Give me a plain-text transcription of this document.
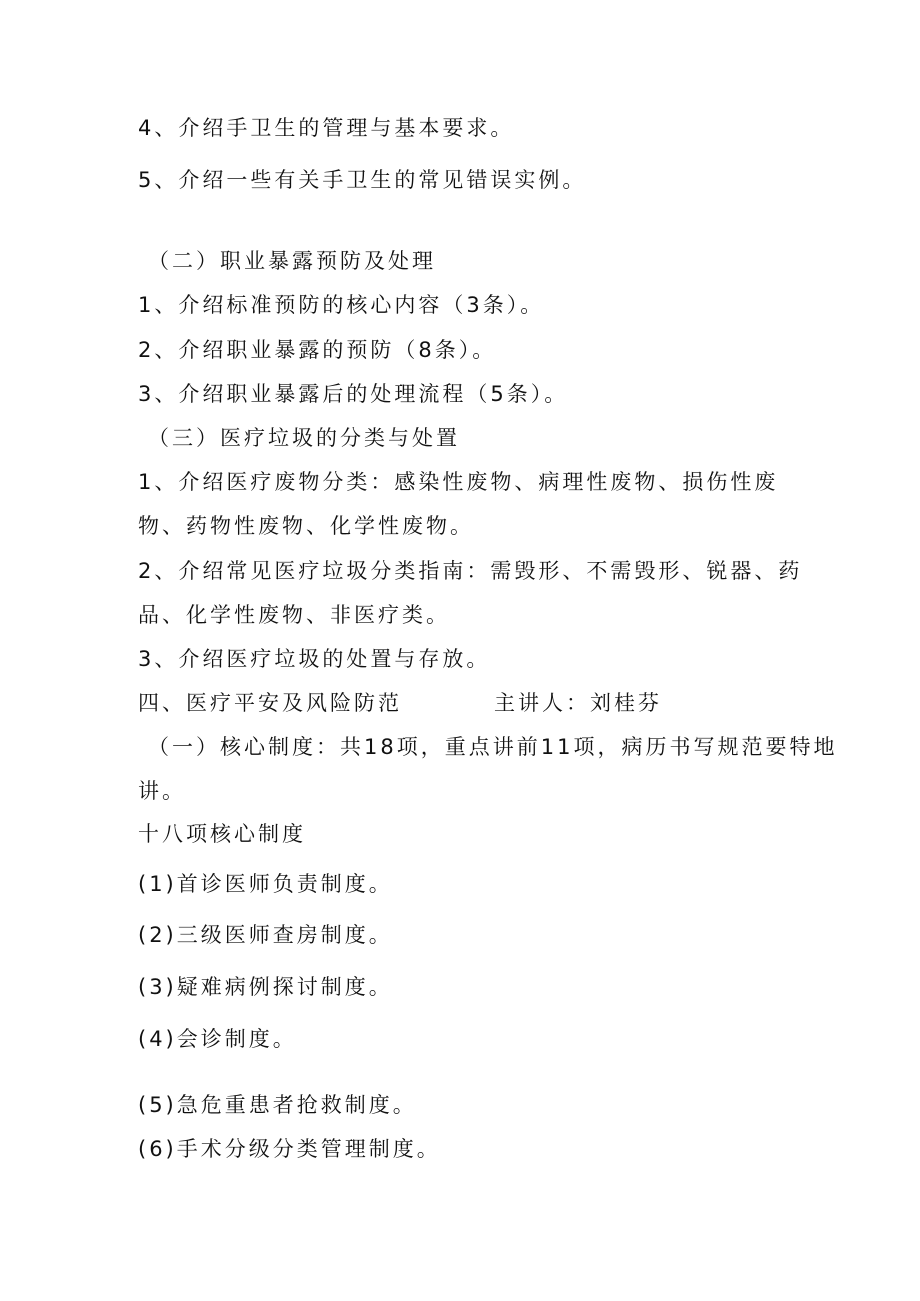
4、介绍手卫生的管理与基本要求。
5、介绍一些有关手卫生的常见错误实例。
（二）职业暴露预防及处理
1、介绍标准预防的核心内容（3条）。
2、介绍职业暴露的预防（8条）。
3、介绍职业暴露后的处理流程（5条）。
（三）医疗垃圾的分类与处置
1、介绍医疗废物分类：感染性废物、病理性废物、损伤性废
物、药物性废物、化学性废物。
2、介绍常见医疗垃圾分类指南：需毁形、不需毁形、锐器、药
品、化学性废物、非医疗类。
3、介绍医疗垃圾的处置与存放。
四、医疗平安及风险防范	主讲人：刘桂芬
（一）核心制度：共18项，重点讲前11项，病历书写规范要特地
讲。
十八项核心制度
(1)首诊医师负责制度。
(2)三级医师查房制度。
(3)疑难病例探讨制度。
(4)会诊制度。
(5)急危重患者抢救制度。
(6)手术分级分类管理制度。
